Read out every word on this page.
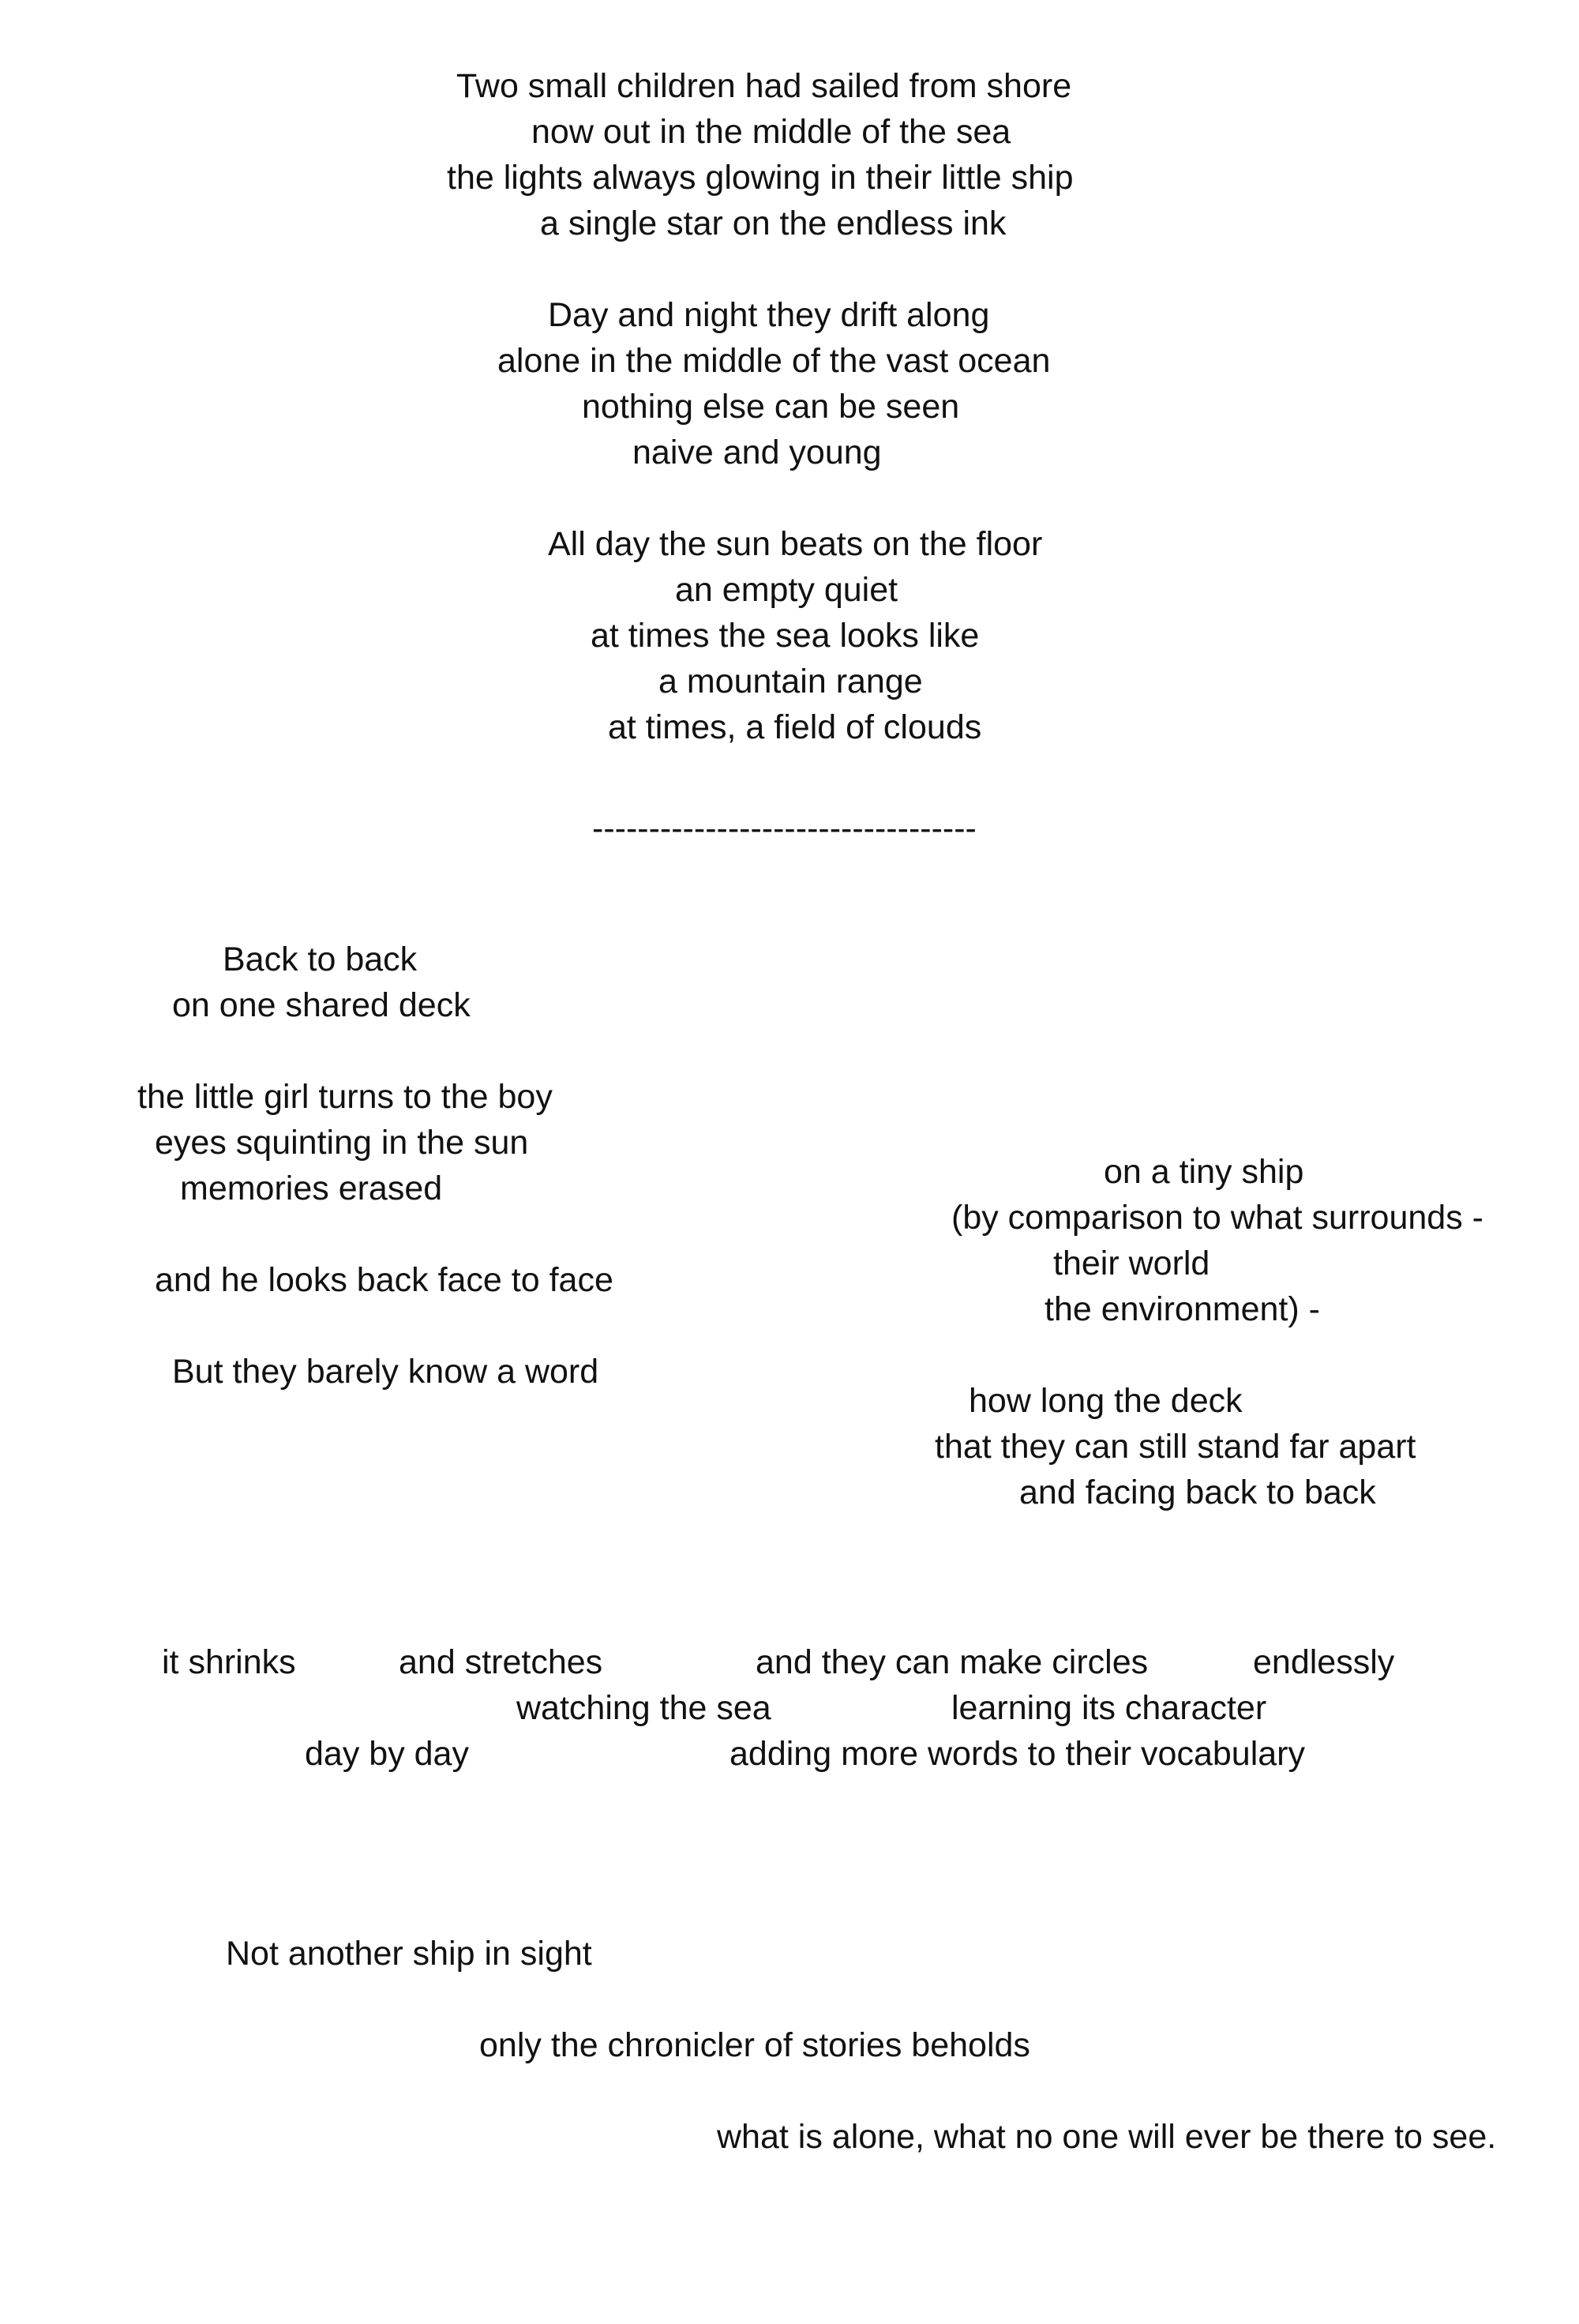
Two small children had sailed from shore
now out in the middle of the sea
the lights always glowing in their little ship
a single star on the endless ink
Day and night they drift along
alone in the middle of the vast ocean
nothing else can be seen
naive and young
All day the sun beats on the floor
an empty quiet
at times the sea looks like
a mountain range
at times, a field of clouds
----------------------------------
Back to back
on one shared deck
the little girl turns to the boy
eyes squinting in the sun
memories erased
and he looks back face to face
But they barely know a word
on a tiny ship
(by comparison to what surrounds -
their world
the environment) -
how long the deck
that they can still stand far apart
and facing back to back
it shrinks	and stretches	and they can make circles	endlessly
watching the sea	learning its character
day by day	adding more words to their vocabulary
Not another ship in sight
only the chronicler of stories beholds
what is alone, what no one will ever be there to see.
